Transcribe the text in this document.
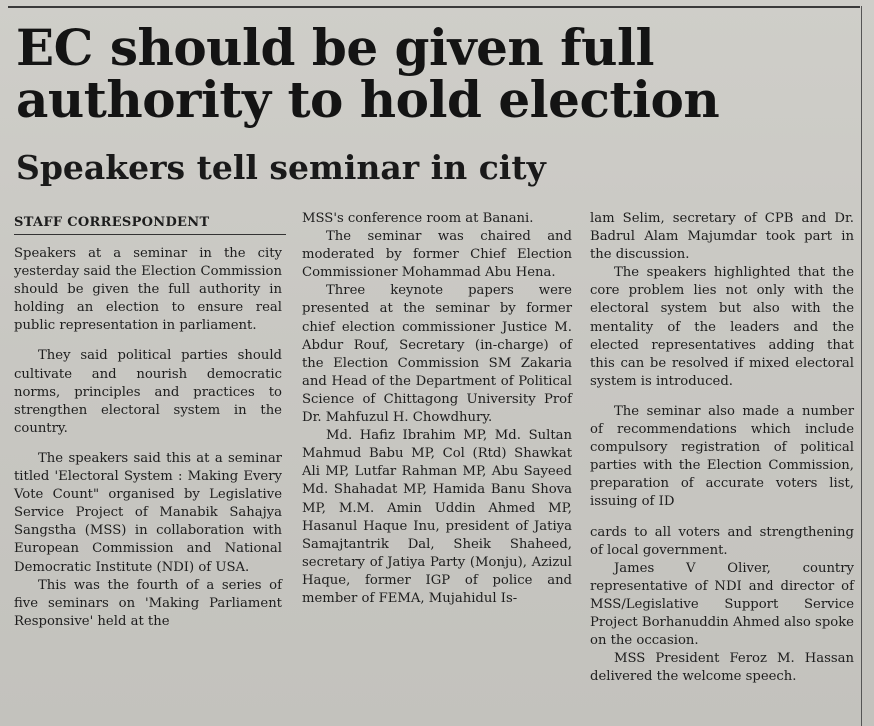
EC should be given full authority to hold election
Speakers tell seminar in city
STAFF CORRESPONDENT

Speakers at a seminar in the city yesterday said the Election Commission should be given the full authority in holding an election to ensure real public representation in parliament.

They said political parties should cultivate and nourish democratic norms, principles and practices to strengthen electoral system in the country.

The speakers said this at a seminar titled 'Electoral System : Making Every Vote Count" organised by Legislative Service Project of Manabik Sahajya Sangstha (MSS) in collaboration with European Commission and National Democratic Institute (NDI) of USA.

This was the fourth of a series of five seminars on 'Making Parliament Responsive' held at the

MSS's conference room at Banani.

The seminar was chaired and moderated by former Chief Election Commissioner Mohammad Abu Hena.

Three keynote papers were presented at the seminar by former chief election commissioner Justice M. Abdur Rouf, Secretary (in-charge) of the Election Commission SM Zakaria and Head of the Department of Political Science of Chittagong University Prof Dr. Mahfuzul H. Chowdhury.

Md. Hafiz Ibrahim MP, Md. Sultan Mahmud Babu MP, Col (Rtd) Shawkat Ali MP, Lutfar Rahman MP, Abu Sayeed Md. Shahadat MP, Hamida Banu Shova MP, M.M. Amin Uddin Ahmed MP, Hasanul Haque Inu, president of Jatiya Samajtantrik Dal, Sheik Shaheed, secretary of Jatiya Party (Monju), Azizul Haque, former IGP of police and member of FEMA, Mujahidul Is-

lam Selim, secretary of CPB and Dr. Badrul Alam Majumdar took part in the discussion.

The speakers highlighted that the core problem lies not only with the electoral system but also with the mentality of the leaders and the elected representatives adding that this can be resolved if mixed electoral system is introduced.

The seminar also made a number of recommendations which include compulsory registration of political parties with the Election Commission, preparation of accurate voters list, issuing of ID

cards to all voters and strengthening of local government.

James V Oliver, country representative of NDI and director of MSS/Legislative Support Service Project Borhanuddin Ahmed also spoke on the occasion.

MSS President Feroz M. Hassan delivered the welcome speech.
